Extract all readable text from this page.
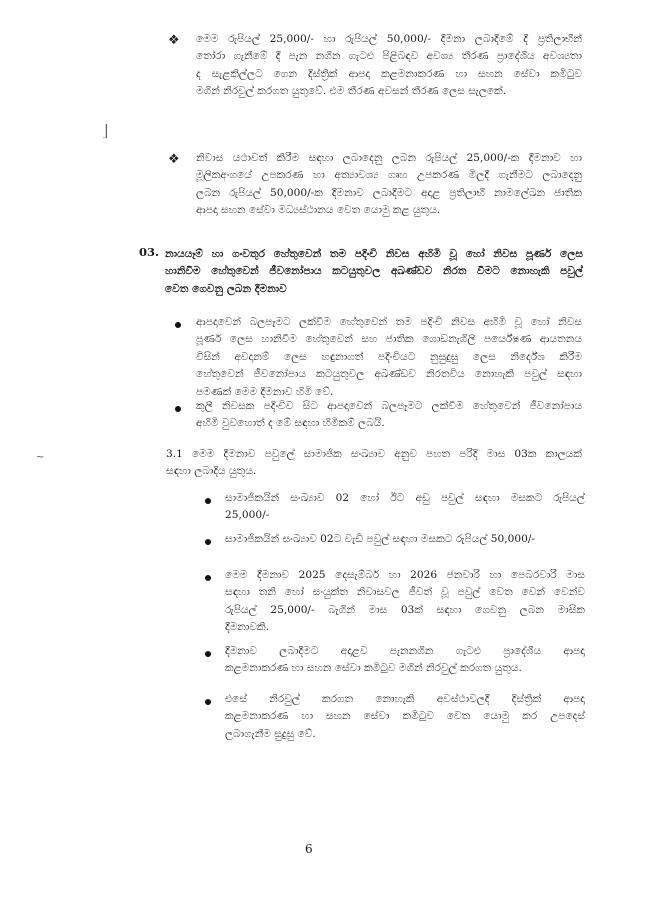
ׅ|
~
❖ මෙම රුපියල් 25,000/- හා රුපියල් 50,000/- දීමනා ලබාදීමේ දී ප්‍රතිලාභීන්
තෝරා ගැනීමේ දී පැන නගින ගැටළු පිළිබඳව අවශ්‍ය තීරණ ප්‍රාදේශීය අවශ්‍යතා
ද සැළකිල්ලට ගෙන දිස්ත්‍රික් ආපදා කළමනාකරණ හා සහන සේවා කමිටුව
මගින් නිරවුල් කරගත යුතුවේ. එම තීරණ අවසන් තීරණ ලෙස සැලකේ.
❖ නිවාස යථාවත් කිරීම සඳහා ලබාදෙනු ලබන රුපියල් 25,000/-ක දීමනාව හා
මූලිකඅංගයේ උපකරණ හා අත්‍යාවශ්‍ය ගෘහ උපකරණ මිලදී ගැනීමට ලබාදෙනු
ලබන රුපියල් 50,000/-ක දීමනාව ලබාදීමට අදාළ ප්‍රතිලාභී නාමලේඛන ජාතික
ආපදා සහන සේවා මධ්‍යස්ථානය වෙත යොමු කළ යුතුය.
03. නායයෑම් හා ගංවතුර හේතුවෙන් තම පදිංචි නිවස අහිමි වූ හෝ නිවස පූර්ණ ලෙස
හානිවීම හේතුවෙන් ජීවනෝපාය කටයුතුවල අඛණ්ඩව නිරත වීමට නොහැකි පවුල්
වෙත ගෙවනු ලබන දීමනාව
ආපදාවෙන් බලපෑමට ලක්වීම හේතුවෙන් තම පදිංචි නිවස අහිමි වූ හෝ නිවස
පූර්ණ ලෙස හානිවීම හේතුවෙන් සහ ජාතික ගොඩනැගිලි පර්යේෂණ ආයතනය
විසින් අවදානම් ලෙස හඳුනාගත් පදිංචියට නුසුදුසු ලෙස නිර්දේශ කිරීම
හේතුවෙන් ජීවනෝපාය කටයුතුවල අඛණ්ඩව නිරතවිය නොහැකි පවුල් සඳහා
පමණක් මෙම දීමනාව හිමි වේ.
කුලී නිවසක පදිංචිව සිට ආපදාවෙන් බලපෑමට ලක්වීම හේතුවෙන් ජීවනෝපාය
අහිමි වුවහොත් ද මේ සඳහා හිමිකම් ලබයි.
3.1 මෙම දීමනාව පවුලේ සාමාජික සංඛ්‍යාව අනුව පහත පරිදි මාස 03ක කාලයක්
සඳහා ලබාදිය යුතුය.
සාමාජිකයින් සංඛ්‍යාව 02 හෝ ඊට අඩු පවුල් සඳහා මසකට රුපියල්
25,000/-
සාමාජිකයින් සංඛ්‍යාව 02ට වැඩි පවුල් සඳහා මසකට රුපියල් 50,000/-
මෙම දීමනාව 2025 දෙසැම්බර් හා 2026 ජනවාරි හා පෙබරවාරි මාස
සඳහා තනි හෝ සංයුක්ත නිවාසවල ජීවත් වූ පවුල් වෙත වෙන් වෙන්ව
රුපියල් 25,000/- බැගින් මාස 03ක් සඳහා ගෙවනු ලබන මාසික
දීමනාවකි.
දීමනාව ලබාදීමට අදාළව පැනනගින ගැටළු ප්‍රාදේශීය ආපදා
කළමනාකරණ හා සහන සේවා කමිටුව මගින් නිරවුල් කරගත යුතුය.
එසේ නිරවුල් කරගත නොහැකි අවස්ථාවලදී දිස්ත්‍රික් ආපදා
කළමනාකරණ හා සහන සේවා කමිටුව වෙත යොමු කර උපදෙස්
ලබාගැනීම සුදුසු වේ.
6
